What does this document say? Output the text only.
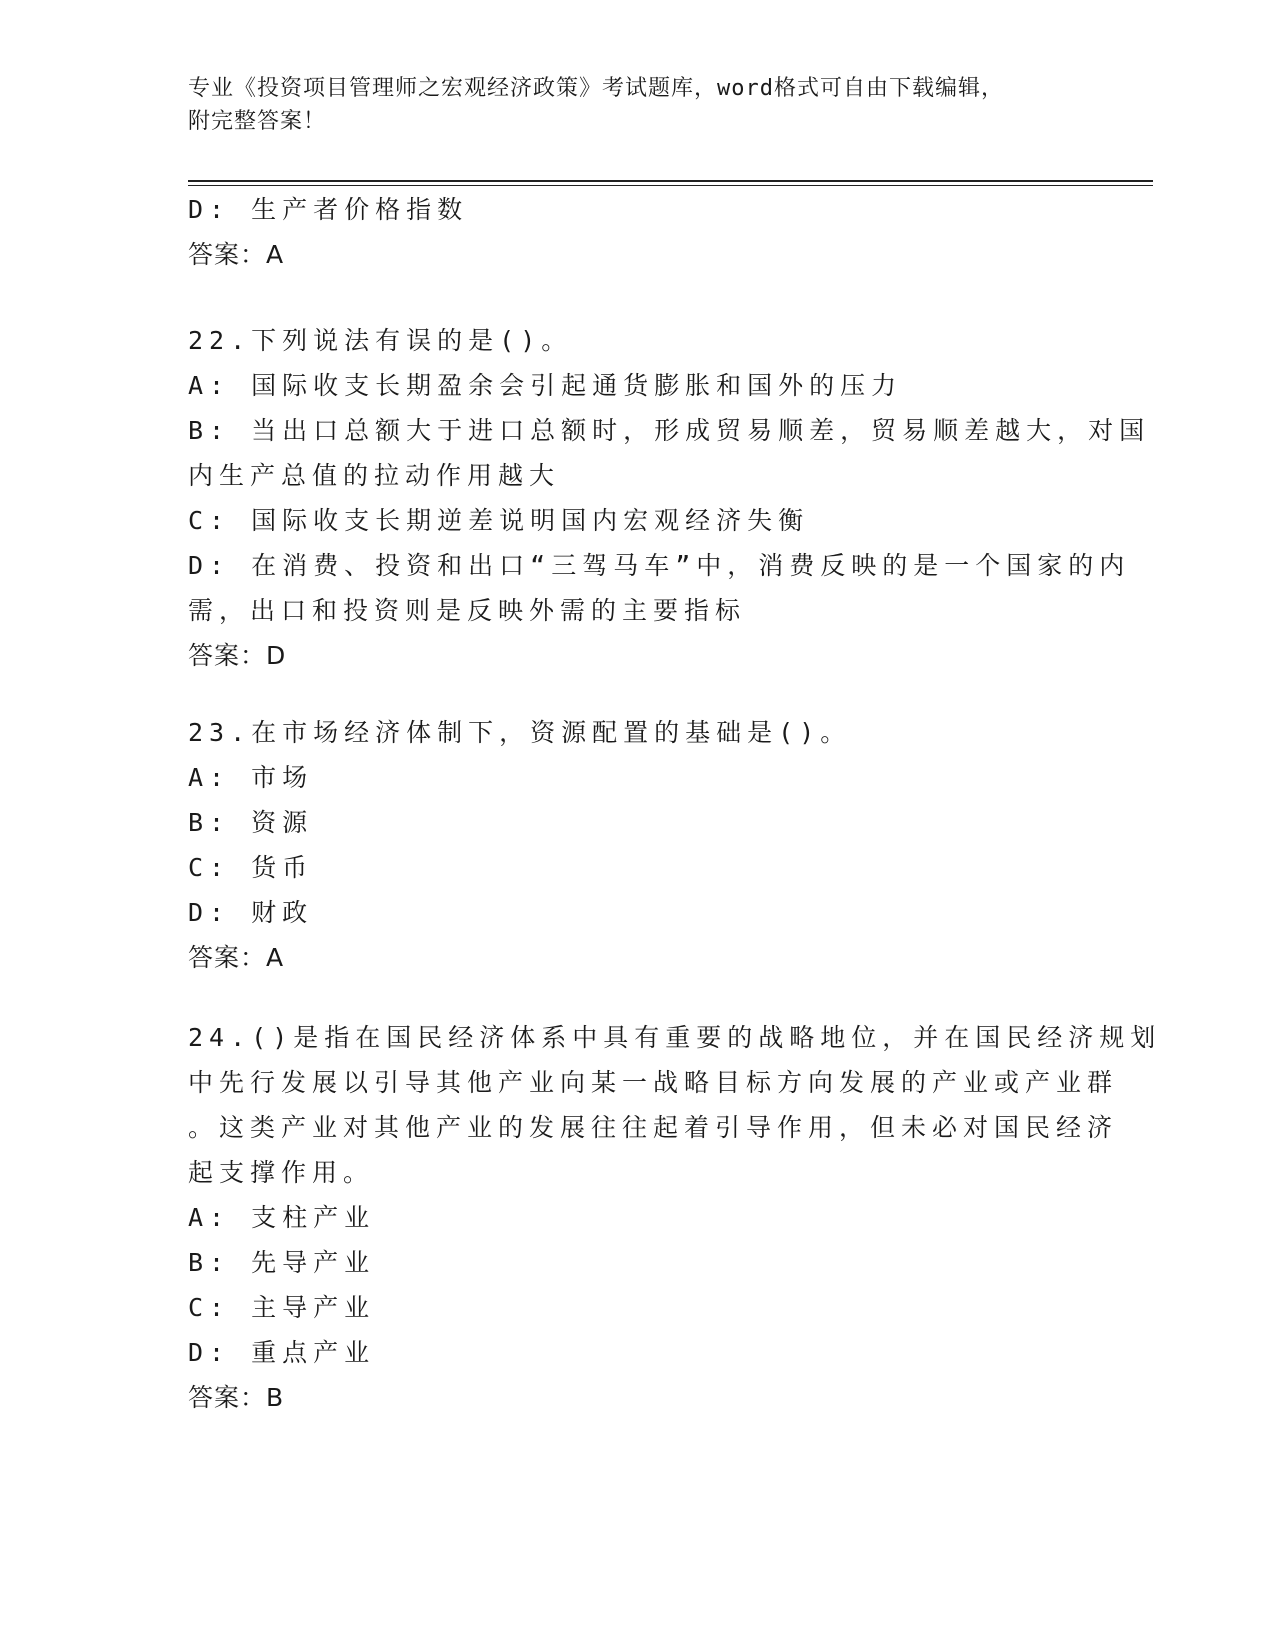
专业《投资项目管理师之宏观经济政策》考试题库，word格式可自由下载编辑，
附完整答案！
D: 生产者价格指数
答案：A
22.下列说法有误的是()。
A: 国际收支长期盈余会引起通货膨胀和国外的压力
B: 当出口总额大于进口总额时，形成贸易顺差，贸易顺差越大，对国
内生产总值的拉动作用越大
C: 国际收支长期逆差说明国内宏观经济失衡
D: 在消费、投资和出口“三驾马车”中，消费反映的是一个国家的内
需，出口和投资则是反映外需的主要指标
答案：D
23.在市场经济体制下，资源配置的基础是()。
A: 市场
B: 资源
C: 货币
D: 财政
答案：A
24.()是指在国民经济体系中具有重要的战略地位，并在国民经济规划
中先行发展以引导其他产业向某一战略目标方向发展的产业或产业群
。这类产业对其他产业的发展往往起着引导作用，但未必对国民经济
起支撑作用。
A: 支柱产业
B: 先导产业
C: 主导产业
D: 重点产业
答案：B
